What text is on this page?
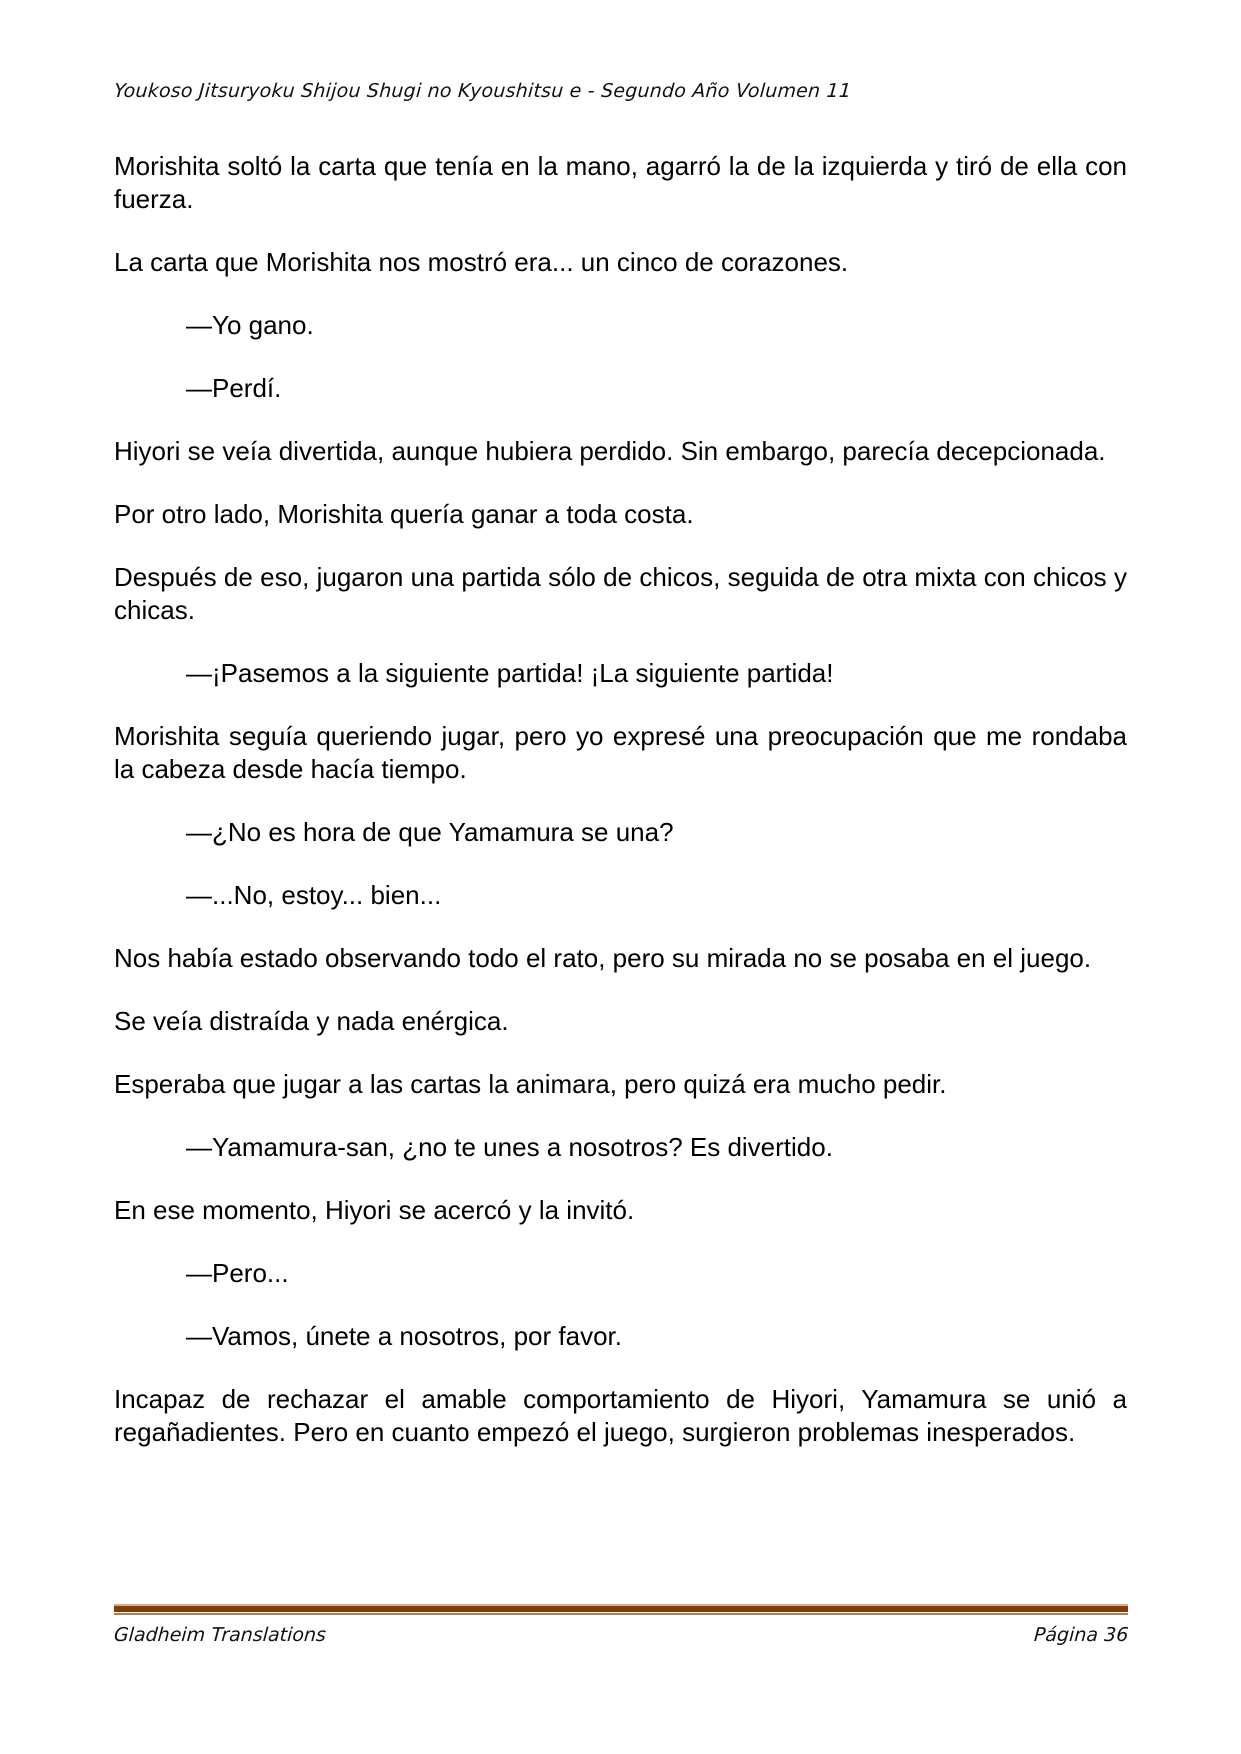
Youkoso Jitsuryoku Shijou Shugi no Kyoushitsu e - Segundo Año Volumen 11

Morishita soltó la carta que tenía en la mano, agarró la de la izquierda y tiró de ella con fuerza.

La carta que Morishita nos mostró era... un cinco de corazones.

—Yo gano.

—Perdí.

Hiyori se veía divertida, aunque hubiera perdido. Sin embargo, parecía decepcionada.

Por otro lado, Morishita quería ganar a toda costa.

Después de eso, jugaron una partida sólo de chicos, seguida de otra mixta con chicos y chicas.

—¡Pasemos a la siguiente partida! ¡La siguiente partida!

Morishita seguía queriendo jugar, pero yo expresé una preocupación que me rondaba la cabeza desde hacía tiempo.

—¿No es hora de que Yamamura se una?

—...No, estoy... bien...

Nos había estado observando todo el rato, pero su mirada no se posaba en el juego.

Se veía distraída y nada enérgica.

Esperaba que jugar a las cartas la animara, pero quizá era mucho pedir.

—Yamamura-san, ¿no te unes a nosotros? Es divertido.

En ese momento, Hiyori se acercó y la invitó.

—Pero...

—Vamos, únete a nosotros, por favor.

Incapaz de rechazar el amable comportamiento de Hiyori, Yamamura se unió a regañadientes. Pero en cuanto empezó el juego, surgieron problemas inesperados.

Gladheim Translations	Página 36
